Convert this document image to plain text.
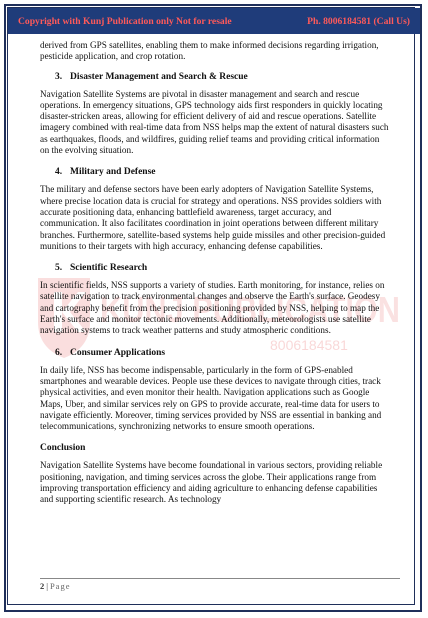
Copyright with Kunj Publication only Not for resale	Ph. 8006184581 (Call Us)
KUNJ PUBLICATION
8006184581

derived from GPS satellites, enabling them to make informed decisions regarding irrigation, pesticide application, and crop rotation.

3. Disaster Management and Search & Rescue

Navigation Satellite Systems are pivotal in disaster management and search and rescue operations. In emergency situations, GPS technology aids first responders in quickly locating disaster-stricken areas, allowing for efficient delivery of aid and rescue operations. Satellite imagery combined with real-time data from NSS helps map the extent of natural disasters such as earthquakes, floods, and wildfires, guiding relief teams and providing critical information on the evolving situation.

4. Military and Defense

The military and defense sectors have been early adopters of Navigation Satellite Systems, where precise location data is crucial for strategy and operations. NSS provides soldiers with accurate positioning data, enhancing battlefield awareness, target accuracy, and communication. It also facilitates coordination in joint operations between different military branches. Furthermore, satellite-based systems help guide missiles and other precision-guided munitions to their targets with high accuracy, enhancing defense capabilities.

5. Scientific Research

In scientific fields, NSS supports a variety of studies. Earth monitoring, for instance, relies on satellite navigation to track environmental changes and observe the Earth's surface. Geodesy and cartography benefit from the precision positioning provided by NSS, helping to map the Earth's surface and monitor tectonic movements. Additionally, meteorologists use satellite navigation systems to track weather patterns and study atmospheric conditions.

6. Consumer Applications

In daily life, NSS has become indispensable, particularly in the form of GPS-enabled smartphones and wearable devices. People use these devices to navigate through cities, track physical activities, and even monitor their health. Navigation applications such as Google Maps, Uber, and similar services rely on GPS to provide accurate, real-time data for users to navigate efficiently. Moreover, timing services provided by NSS are essential in banking and telecommunications, synchronizing networks to ensure smooth operations.

Conclusion

Navigation Satellite Systems have become foundational in various sectors, providing reliable positioning, navigation, and timing services across the globe. Their applications range from improving transportation efficiency and aiding agriculture to enhancing defense capabilities and supporting scientific research. As technology

2 | Page
